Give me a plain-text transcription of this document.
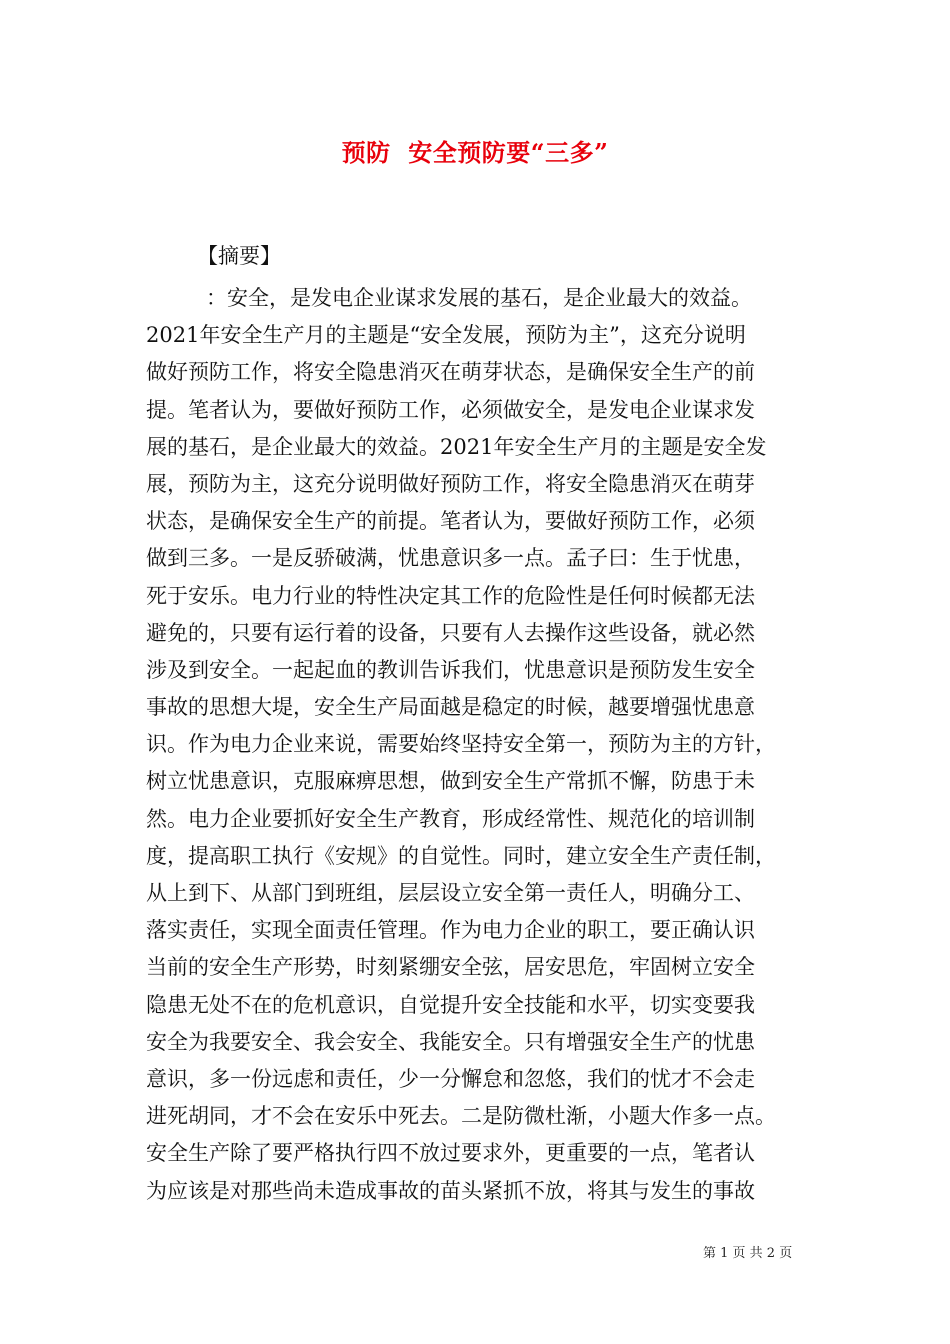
预防  安全预防要“三多”
【摘要】
：安全，是发电企业谋求发展的基石，是企业最大的效益。
2021年安全生产月的主题是“安全发展，预防为主”，这充分说明
做好预防工作，将安全隐患消灭在萌芽状态，是确保安全生产的前
提。笔者认为，要做好预防工作，必须做安全，是发电企业谋求发
展的基石，是企业最大的效益。2021年安全生产月的主题是安全发
展，预防为主，这充分说明做好预防工作，将安全隐患消灭在萌芽
状态，是确保安全生产的前提。笔者认为，要做好预防工作，必须
做到三多。一是反骄破满，忧患意识多一点。孟子曰：生于忧患，
死于安乐。电力行业的特性决定其工作的危险性是任何时候都无法
避免的，只要有运行着的设备，只要有人去操作这些设备，就必然
涉及到安全。一起起血的教训告诉我们，忧患意识是预防发生安全
事故的思想大堤，安全生产局面越是稳定的时候，越要增强忧患意
识。作为电力企业来说，需要始终坚持安全第一，预防为主的方针，
树立忧患意识，克服麻痹思想，做到安全生产常抓不懈，防患于未
然。电力企业要抓好安全生产教育，形成经常性、规范化的培训制
度，提高职工执行《安规》的自觉性。同时，建立安全生产责任制，
从上到下、从部门到班组，层层设立安全第一责任人，明确分工、
落实责任，实现全面责任管理。作为电力企业的职工，要正确认识
当前的安全生产形势，时刻紧绷安全弦，居安思危，牢固树立安全
隐患无处不在的危机意识，自觉提升安全技能和水平，切实变要我
安全为我要安全、我会安全、我能安全。只有增强安全生产的忧患
意识，多一份远虑和责任，少一分懈怠和忽悠，我们的忧才不会走
进死胡同，才不会在安乐中死去。二是防微杜渐，小题大作多一点。
安全生产除了要严格执行四不放过要求外，更重要的一点，笔者认
为应该是对那些尚未造成事故的苗头紧抓不放，将其与发生的事故
第 1 页 共 2 页
